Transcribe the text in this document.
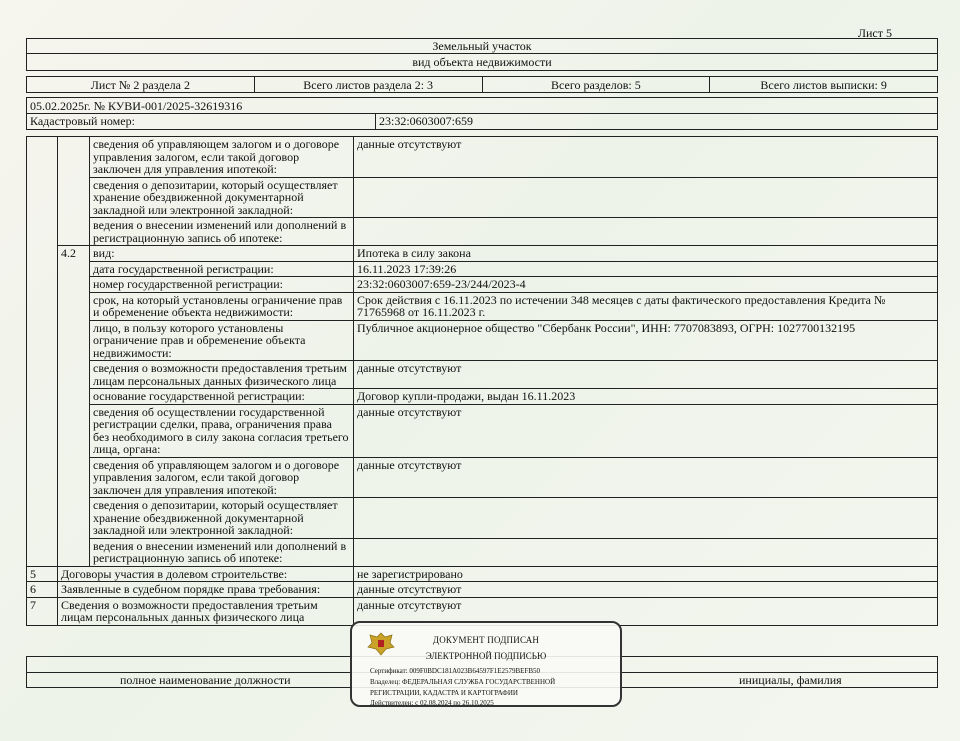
Лист 5
Земельный участок
вид объекта недвижимости
Лист № 2 раздела 2	Всего листов раздела 2: 3	Всего разделов: 5	Всего листов выписки: 9
05.02.2025г. № КУВИ-001/2025-32619316
Кадастровый номер:	23:32:0603007:659
		сведения об управляющем залогом и о договоре управления залогом, если такой договор заключен для управления ипотекой:	данные отсутствуют
		сведения о депозитарии, который осуществляет хранение обездвиженной документарной закладной или электронной закладной:	
		ведения о внесении изменений или дополнений в регистрационную запись об ипотеке:	
	4.2	вид:	Ипотека в силу закона
		дата государственной регистрации:	16.11.2023 17:39:26
		номер государственной регистрации:	23:32:0603007:659-23/244/2023-4
		срок, на который установлены ограничение прав и обременение объекта недвижимости:	Срок действия с 16.11.2023 по истечении 348 месяцев с даты фактического предоставления Кредита № 71765968 от 16.11.2023 г.
		лицо, в пользу которого установлены ограничение прав и обременение объекта недвижимости:	Публичное акционерное общество "Сбербанк России", ИНН: 7707083893, ОГРН: 1027700132195
		сведения о возможности предоставления третьим лицам персональных данных физического лица	данные отсутствуют
		основание государственной регистрации:	Договор купли-продажи, выдан 16.11.2023
		сведения об осуществлении государственной регистрации сделки, права, ограничения права без необходимого в силу закона согласия третьего лица, органа:	данные отсутствуют
		сведения об управляющем залогом и о договоре управления залогом, если такой договор заключен для управления ипотекой:	данные отсутствуют
		сведения о депозитарии, который осуществляет хранение обездвиженной документарной закладной или электронной закладной:	
		ведения о внесении изменений или дополнений в регистрационную запись об ипотеке:	
5	Договоры участия в долевом строительстве:		не зарегистрировано
6	Заявленные в судебном порядке права требования:		данные отсутствуют
7	Сведения о возможности предоставления третьим лицам персональных данных физического лица		данные отсутствуют
полное наименование должности	инициалы, фамилия
ДОКУМЕНТ ПОДПИСАН
ЭЛЕКТРОННОЙ ПОДПИСЬЮ
Сертификат: 009F0BDC181A023B64597F1E2579BEFB50
Владелец: ФЕДЕРАЛЬНАЯ СЛУЖБА ГОСУДАРСТВЕННОЙ
РЕГИСТРАЦИИ, КАДАСТРА И КАРТОГРАФИИ
Действителен: с 02.08.2024 по 26.10.2025
